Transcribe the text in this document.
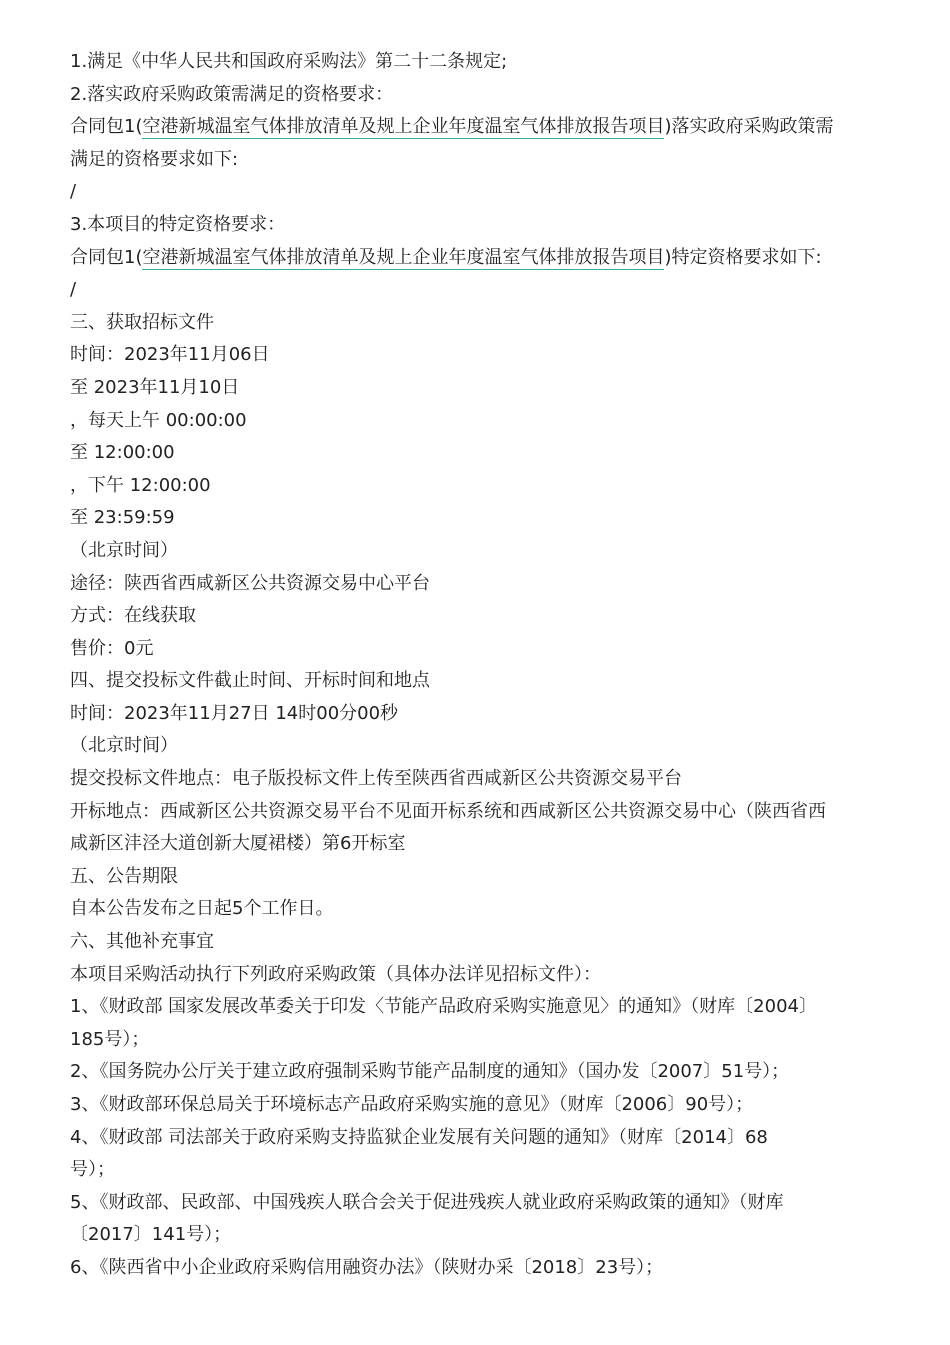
1.满足《中华人民共和国政府采购法》第二十二条规定;
2.落实政府采购政策需满足的资格要求：
合同包1(空港新城温室气体排放清单及规上企业年度温室气体排放报告项目)落实政府采购政策需
满足的资格要求如下:
/
3.本项目的特定资格要求：
合同包1(空港新城温室气体排放清单及规上企业年度温室气体排放报告项目)特定资格要求如下:
/
三、获取招标文件
时间：2023年11月06日
至 2023年11月10日
，每天上午 00:00:00
至 12:00:00
，下午 12:00:00
至 23:59:59
（北京时间）
途径：陕西省西咸新区公共资源交易中心平台
方式：在线获取
售价：0元
四、提交投标文件截止时间、开标时间和地点
时间：2023年11月27日 14时00分00秒
（北京时间）
提交投标文件地点：电子版投标文件上传至陕西省西咸新区公共资源交易平台
开标地点：西咸新区公共资源交易平台不见面开标系统和西咸新区公共资源交易中心（陕西省西
咸新区沣泾大道创新大厦裙楼）第6开标室
五、公告期限
自本公告发布之日起5个工作日。
六、其他补充事宜
本项目采购活动执行下列政府采购政策（具体办法详见招标文件）：
1、《财政部 国家发展改革委关于印发〈节能产品政府采购实施意见〉的通知》（财库〔2004〕
185号）；
2、《国务院办公厅关于建立政府强制采购节能产品制度的通知》（国办发〔2007〕51号）；
3、《财政部环保总局关于环境标志产品政府采购实施的意见》（财库〔2006〕90号）；
4、《财政部 司法部关于政府采购支持监狱企业发展有关问题的通知》（财库〔2014〕68
号）；
5、《财政部、民政部、中国残疾人联合会关于促进残疾人就业政府采购政策的通知》（财库
〔2017〕141号）；
6、《陕西省中小企业政府采购信用融资办法》（陕财办采〔2018〕23号）；
